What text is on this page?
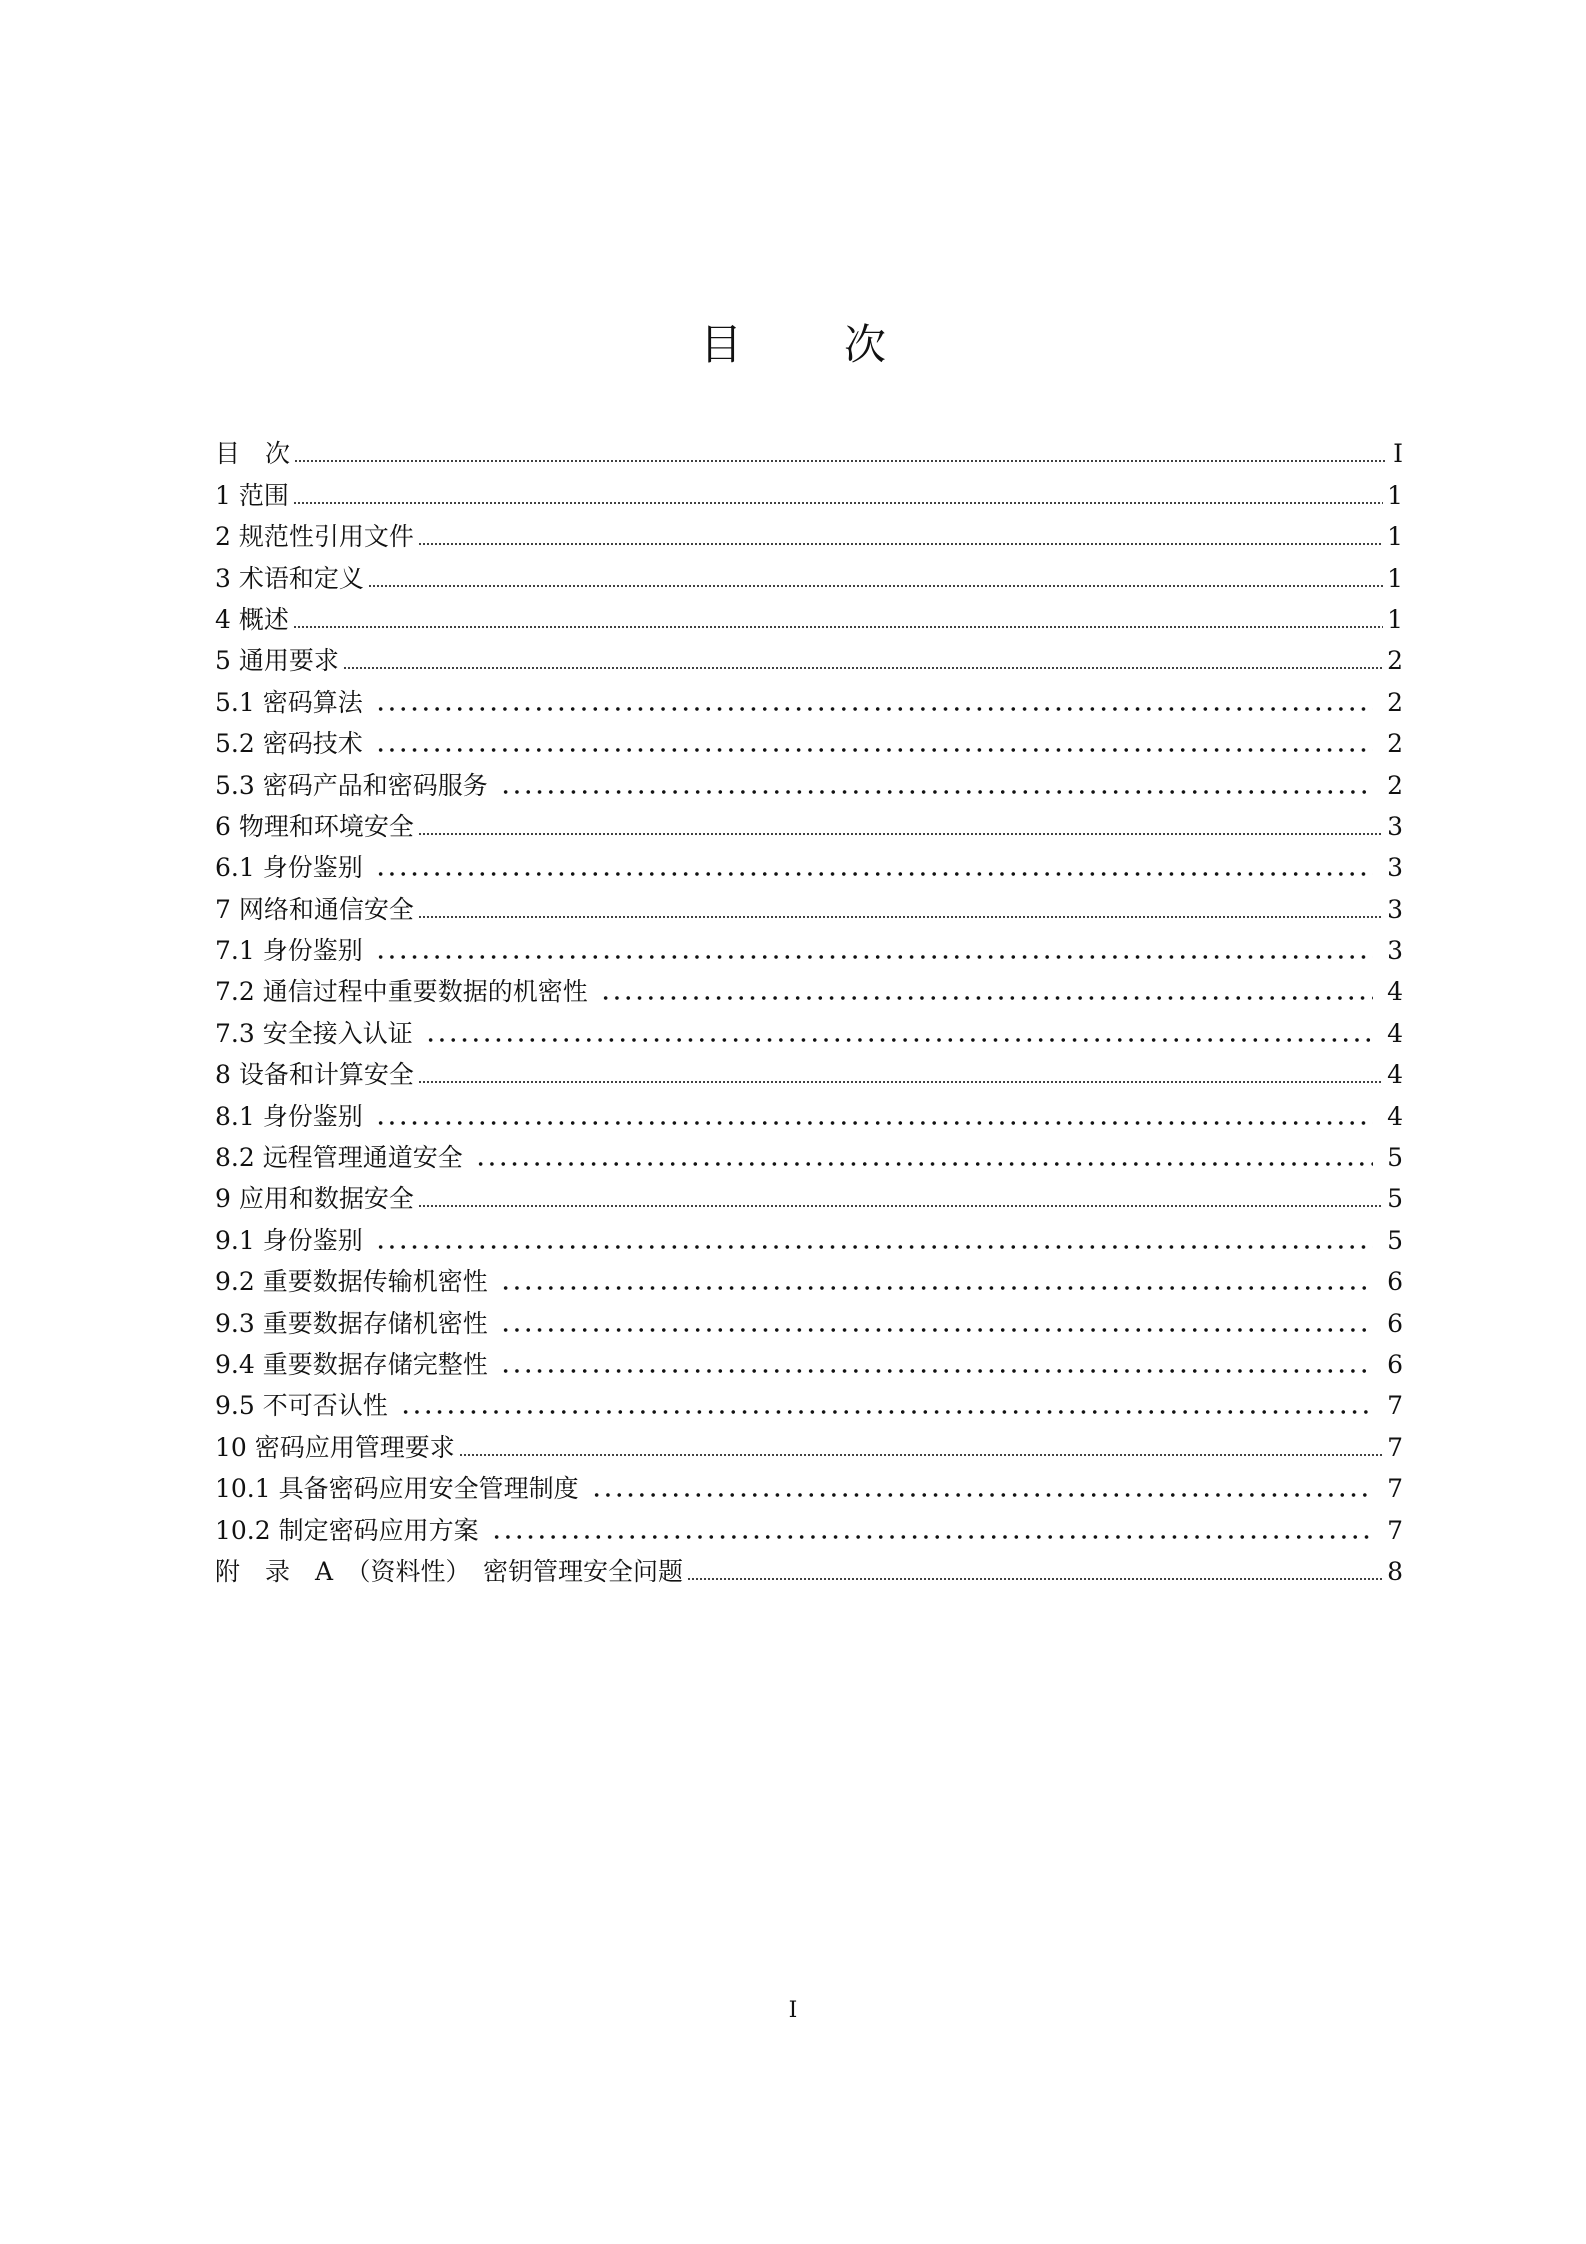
目　次
目　次	I
1 范围	1
2 规范性引用文件	1
3 术语和定义	1
4 概述	1
5 通用要求	2
5.1 密码算法	2
5.2 密码技术	2
5.3 密码产品和密码服务	2
6 物理和环境安全	3
6.1 身份鉴别	3
7 网络和通信安全	3
7.1 身份鉴别	3
7.2 通信过程中重要数据的机密性	4
7.3 安全接入认证	4
8 设备和计算安全	4
8.1 身份鉴别	4
8.2 远程管理通道安全	5
9 应用和数据安全	5
9.1 身份鉴别	5
9.2 重要数据传输机密性	6
9.3 重要数据存储机密性	6
9.4 重要数据存储完整性	6
9.5 不可否认性	7
10 密码应用管理要求	7
10.1 具备密码应用安全管理制度	7
10.2 制定密码应用方案	7
附　录　A　（资料性）　密钥管理安全问题	8
I
